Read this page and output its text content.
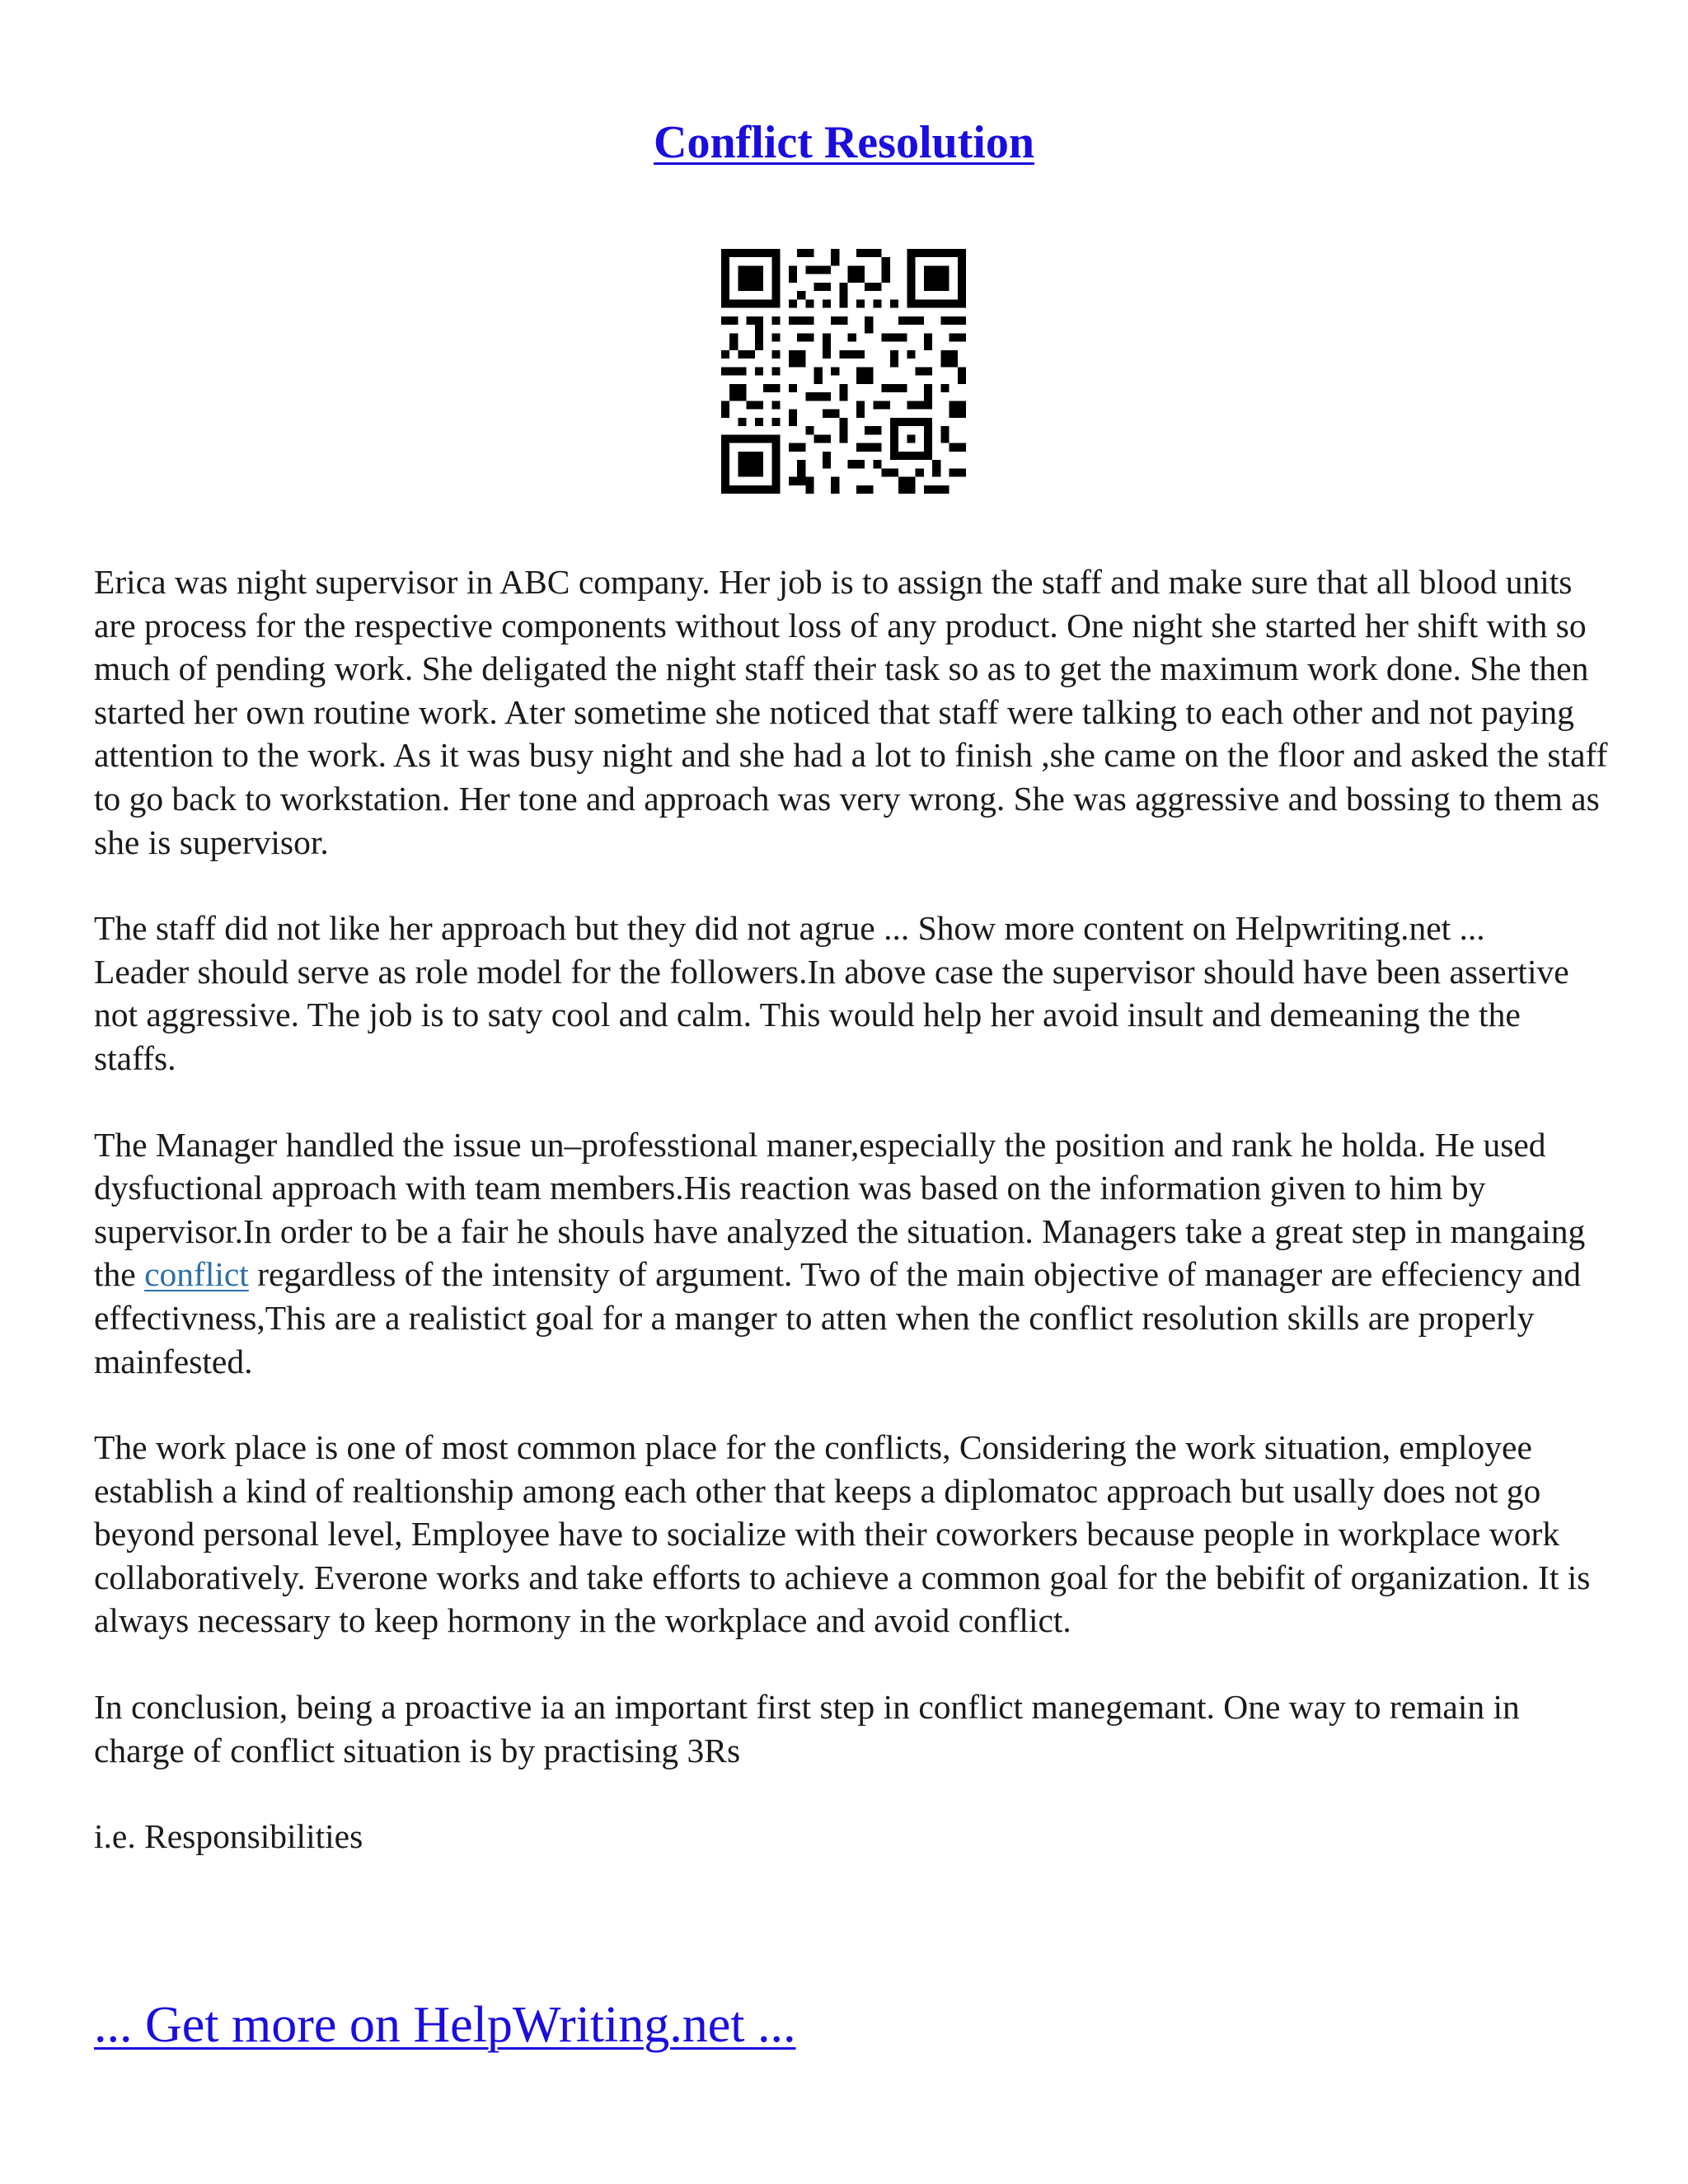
Conflict Resolution

Erica was night supervisor in ABC company. Her job is to assign the staff and make sure that all blood units are process for the respective components without loss of any product. One night she started her shift with so much of pending work. She deligated the night staff their task so as to get the maximum work done. She then started her own routine work. Ater sometime she noticed that staff were talking to each other and not paying attention to the work. As it was busy night and she had a lot to finish ,she came on the floor and asked the staff to go back to workstation. Her tone and approach was very wrong. She was aggressive and bossing to them as she is supervisor.

The staff did not like her approach but they did not agrue ... Show more content on Helpwriting.net ...

Leader should serve as role model for the followers.In above case the supervisor should have been assertive not aggressive. The job is to saty cool and calm. This would help her avoid insult and demeaning the the staffs.

The Manager handled the issue un–professtional maner,especially the position and rank he holda. He used dysfuctional approach with team members.His reaction was based on the information given to him by supervisor.In order to be a fair he shouls have analyzed the situation. Managers take a great step in mangaing the conflict regardless of the intensity of argument. Two of the main objective of manager are effeciency and effectivness,This are a realistict goal for a manger to atten when the conflict resolution skills are properly mainfested.

The work place is one of most common place for the conflicts, Considering the work situation, employee establish a kind of realtionship among each other that keeps a diplomatoc approach but usally does not go beyond personal level, Employee have to socialize with their coworkers because people in workplace work collaboratively. Everone works and take efforts to achieve a common goal for the bebifit of organization. It is always necessary to keep hormony in the workplace and avoid conflict.

In conclusion, being a proactive ia an important first step in conflict manegemant. One way to remain in charge of conflict situation is by practising 3Rs

i.e. Responsibilities

... Get more on HelpWriting.net ...
